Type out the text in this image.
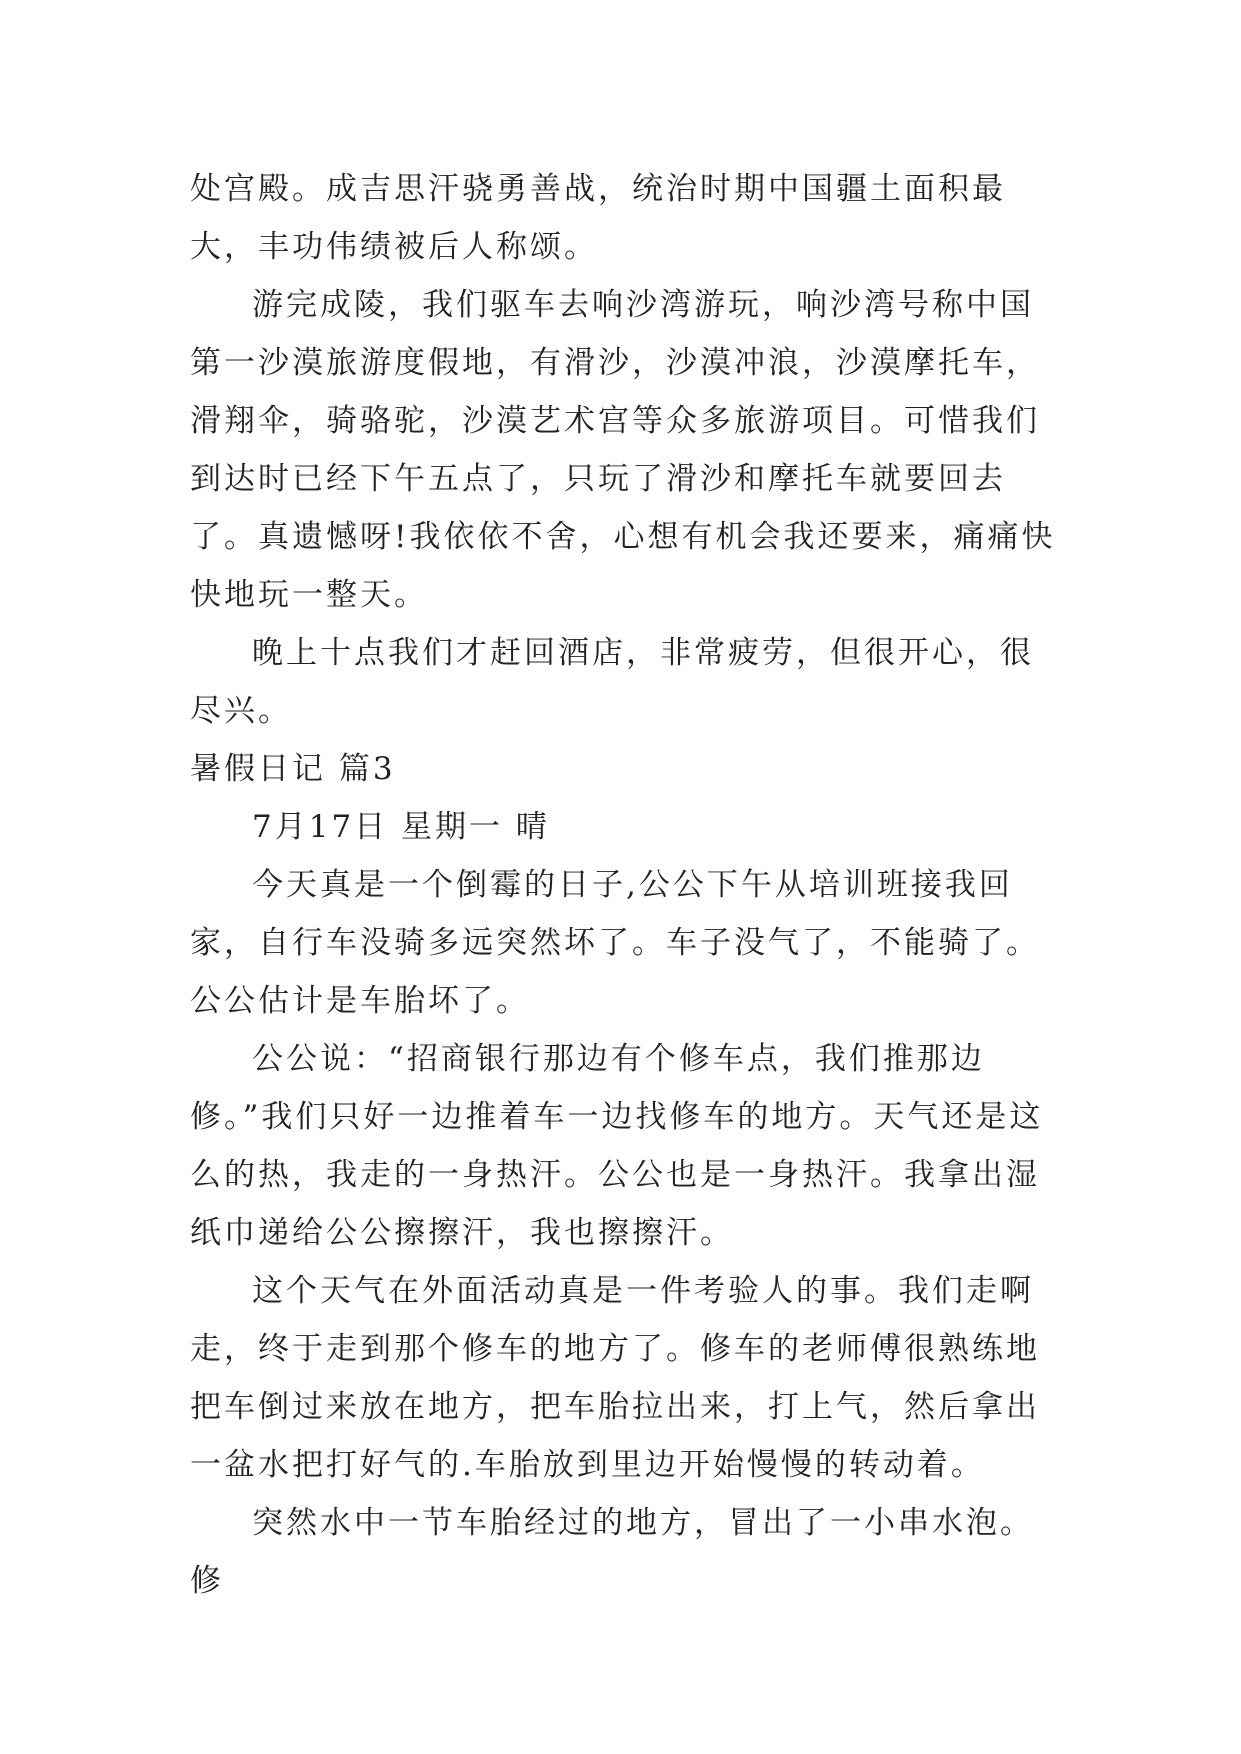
处宫殿。成吉思汗骁勇善战，统治时期中国疆土面积最大，丰功伟绩被后人称颂。

游完成陵，我们驱车去响沙湾游玩，响沙湾号称中国第一沙漠旅游度假地，有滑沙，沙漠冲浪，沙漠摩托车，滑翔伞，骑骆驼，沙漠艺术宫等众多旅游项目。可惜我们到达时已经下午五点了，只玩了滑沙和摩托车就要回去了。真遗憾呀!我依依不舍，心想有机会我还要来，痛痛快快地玩一整天。

晚上十点我们才赶回酒店，非常疲劳，但很开心，很尽兴。

暑假日记 篇3

7月17日 星期一 晴

今天真是一个倒霉的日子,公公下午从培训班接我回家，自行车没骑多远突然坏了。车子没气了，不能骑了。公公估计是车胎坏了。

公公说：“招商银行那边有个修车点，我们推那边修。”我们只好一边推着车一边找修车的地方。天气还是这么的热，我走的一身热汗。公公也是一身热汗。我拿出湿纸巾递给公公擦擦汗，我也擦擦汗。

这个天气在外面活动真是一件考验人的事。我们走啊走，终于走到那个修车的地方了。修车的老师傅很熟练地把车倒过来放在地方，把车胎拉出来，打上气，然后拿出一盆水把打好气的.车胎放到里边开始慢慢的转动着。

突然水中一节车胎经过的地方，冒出了一小串水泡。修
